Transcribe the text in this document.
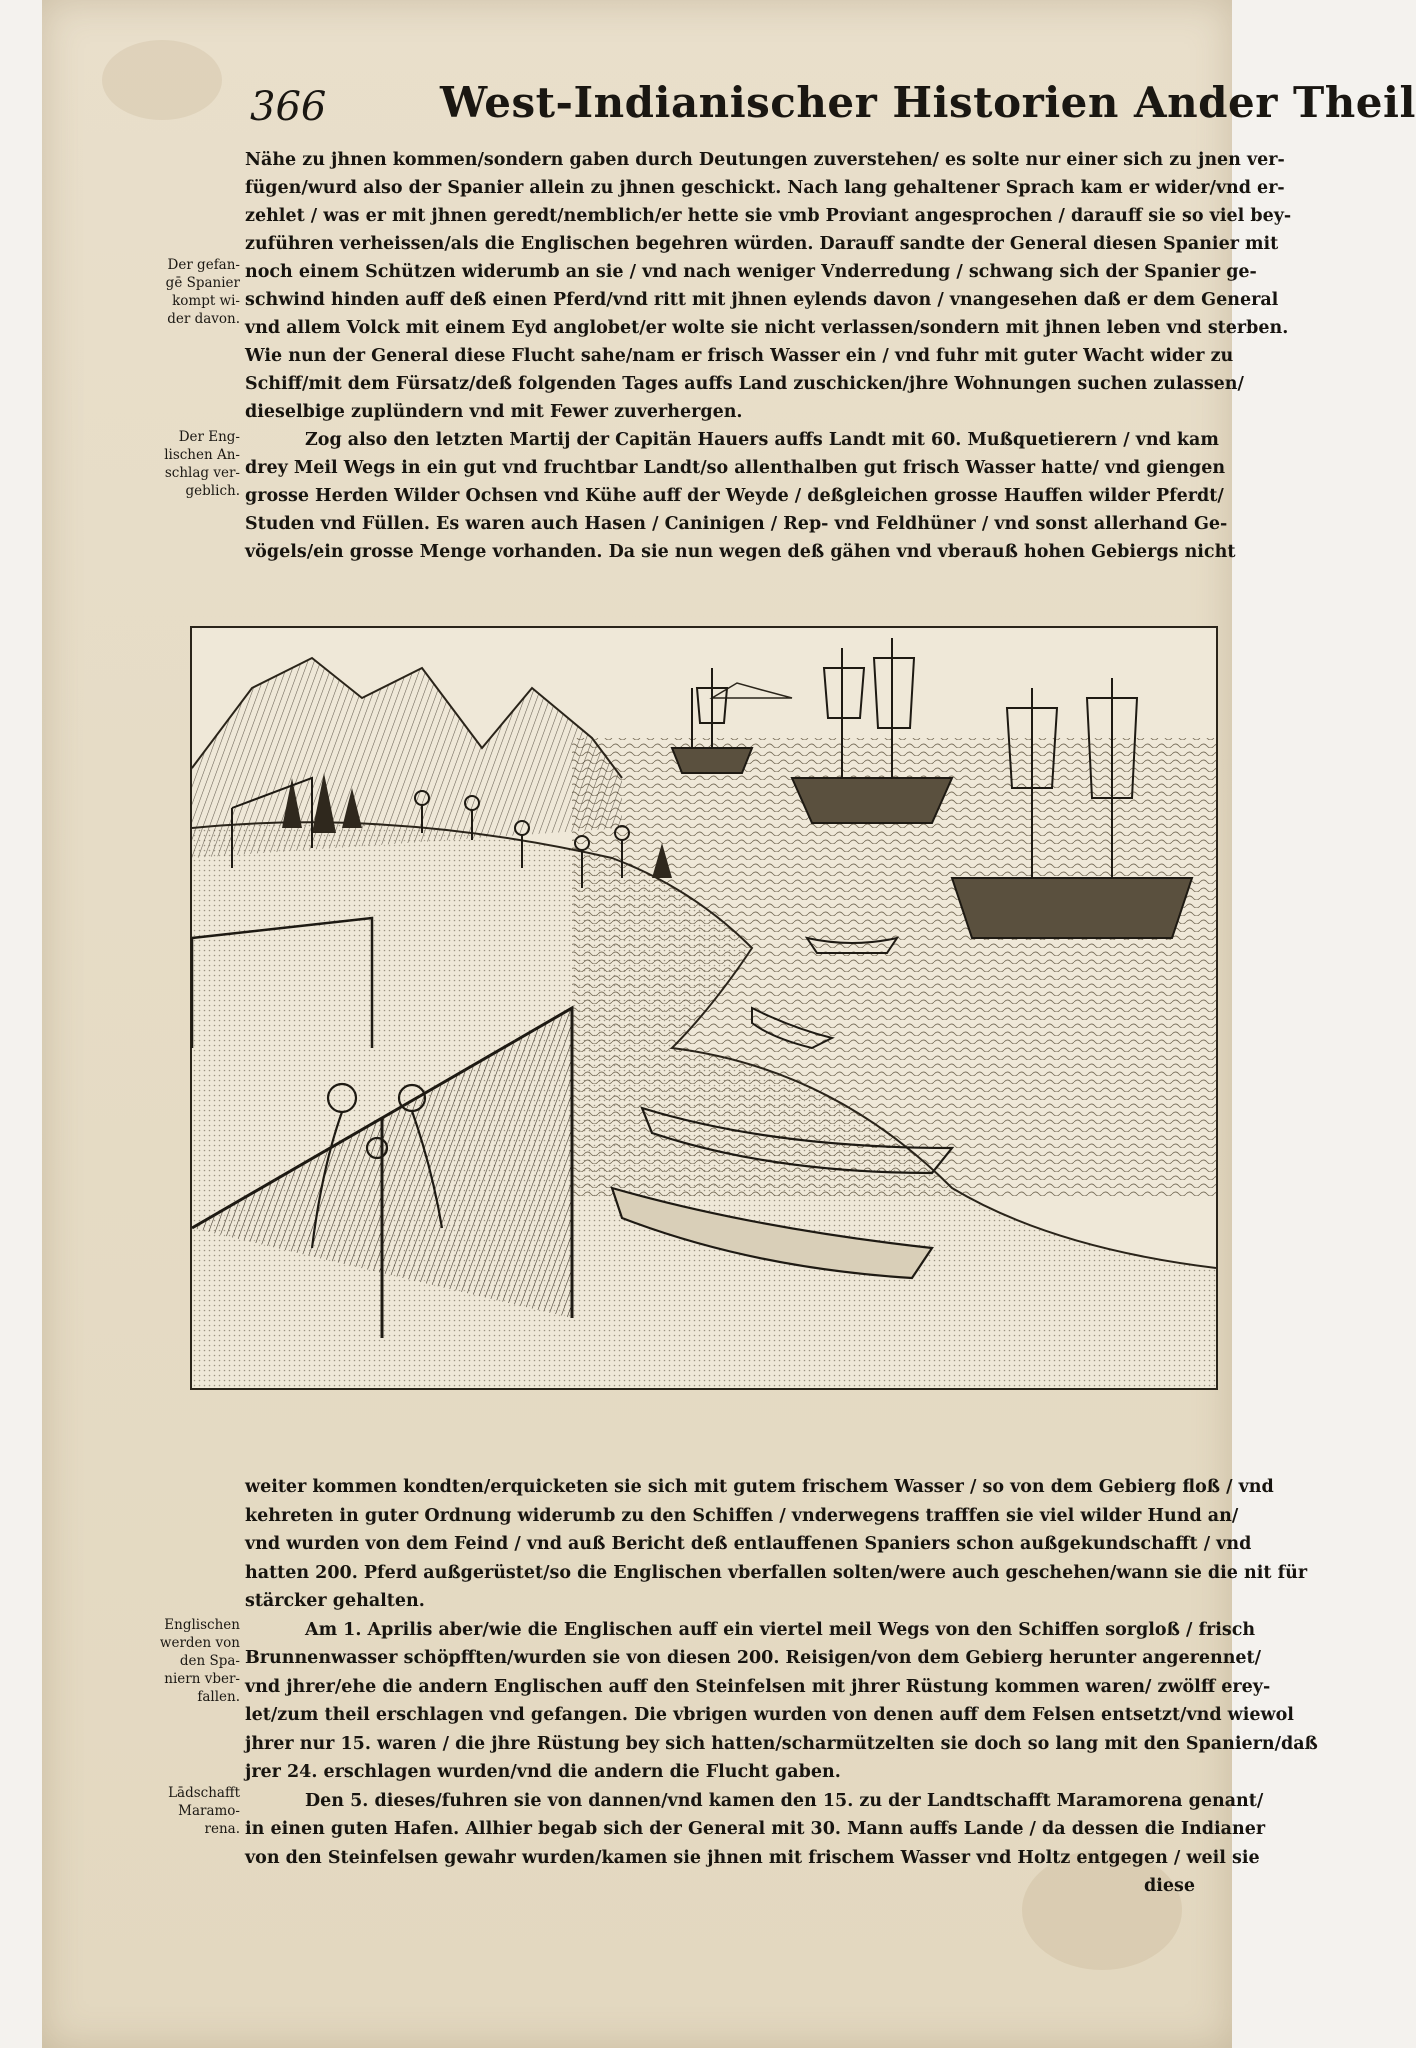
366	West-Indianischer Historien Ander Theil
Der gefan-
gē Spanier
kompt wi-
der davon.
Der Eng-
lischen An-
schlag ver-
geblich.
Englischen
werden von
den Spa-
niern vber-
fallen.
Lādschafft
Maramo-
rena.
Nähe zu jhnen kommen/sondern gaben durch Deutungen zuverstehen/ es solte nur einer sich zu jnen ver-
fügen/wurd also der Spanier allein zu jhnen geschickt. Nach lang gehaltener Sprach kam er wider/vnd er-
zehlet / was er mit jhnen geredt/nemblich/er hette sie vmb Proviant angesprochen / darauff sie so viel bey-
zuführen verheissen/als die Englischen begehren würden. Darauff sandte der General diesen Spanier mit
noch einem Schützen widerumb an sie / vnd nach weniger Vnderredung / schwang sich der Spanier ge-
schwind hinden auff deß einen Pferd/vnd ritt mit jhnen eylends davon / vnangesehen daß er dem General
vnd allem Volck mit einem Eyd anglobet/er wolte sie nicht verlassen/sondern mit jhnen leben vnd sterben.
Wie nun der General diese Flucht sahe/nam er frisch Wasser ein / vnd fuhr mit guter Wacht wider zu
Schiff/mit dem Fürsatz/deß folgenden Tages auffs Land zuschicken/jhre Wohnungen suchen zulassen/
dieselbige zuplündern vnd mit Fewer zuverhergen.
Zog also den letzten Martij der Capitän Hauers auffs Landt mit 60. Mußquetierern / vnd kam
drey Meil Wegs in ein gut vnd fruchtbar Landt/so allenthalben gut frisch Wasser hatte/ vnd giengen
grosse Herden Wilder Ochsen vnd Kühe auff der Weyde / deßgleichen grosse Hauffen wilder Pferdt/
Studen vnd Füllen. Es waren auch Hasen / Caninigen / Rep- vnd Feldhüner / vnd sonst allerhand Ge-
vögels/ein grosse Menge vorhanden. Da sie nun wegen deß gähen vnd vberauß hohen Gebiergs nicht
weiter kommen kondten/erquicketen sie sich mit gutem frischem Wasser / so von dem Gebierg floß / vnd
kehreten in guter Ordnung widerumb zu den Schiffen / vnderwegens trafffen sie viel wilder Hund an/
vnd wurden von dem Feind / vnd auß Bericht deß entlauffenen Spaniers schon außgekundschafft / vnd
hatten 200. Pferd außgerüstet/so die Englischen vberfallen solten/were auch geschehen/wann sie die nit für
stärcker gehalten.
Am 1. Aprilis aber/wie die Englischen auff ein viertel meil Wegs von den Schiffen sorgloß / frisch
Brunnenwasser schöpfften/wurden sie von diesen 200. Reisigen/von dem Gebierg herunter angerennet/
vnd jhrer/ehe die andern Englischen auff den Steinfelsen mit jhrer Rüstung kommen waren/ zwölff erey-
let/zum theil erschlagen vnd gefangen. Die vbrigen wurden von denen auff dem Felsen entsetzt/vnd wiewol
jhrer nur 15. waren / die jhre Rüstung bey sich hatten/scharmützelten sie doch so lang mit den Spaniern/daß
jrer 24. erschlagen wurden/vnd die andern die Flucht gaben.
Den 5. dieses/fuhren sie von dannen/vnd kamen den 15. zu der Landtschafft Maramorena genant/
in einen guten Hafen. Allhier begab sich der General mit 30. Mann auffs Lande / da dessen die Indianer
von den Steinfelsen gewahr wurden/kamen sie jhnen mit frischem Wasser vnd Holtz entgegen / weil sie
diese
